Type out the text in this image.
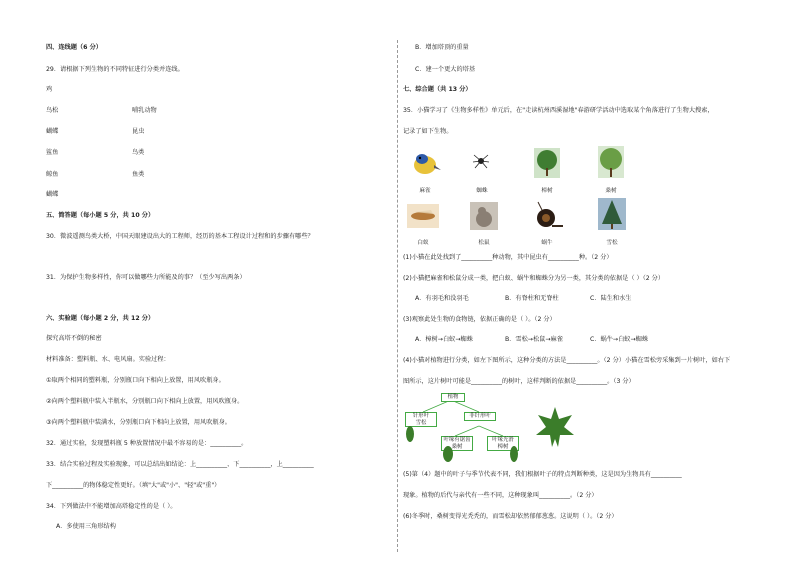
四、连线题（6 分）
29．请根据下列生物的不同特征进行分类并连线。
鸡
鸟松	哺乳动物
蝴蝶	昆虫
鲨鱼	鸟类
鲸鱼	鱼类
蝴蝶
五、简答题（每小题 5 分，共 10 分）
30．微波遥测鸟类大桥，中国天眼建设出大的工程师，经历的基本工程设计过程和的步骤有哪些？
31．为保护生物多样性，你可以做哪些力所能及的事？（至少写出两条）
六、实验题（每小题 2 分，共 12 分）
探究高塔不倒的秘密
材料准备：塑料瓶、水、电风扇。实验过程：
①取两个相同的塑料瓶，分别瓶口向下相向上放置，用风吹瓶身。
②向两个塑料瓶中装入半瓶水，分别瓶口向下相向上放置，用风吹瓶身。
③向两个塑料瓶中装满水，分别瓶口向下相向上放置，用风吹瓶身。
32．通过实验，发现塑料瓶 5 种放置情况中最不容易的是：__________。
33．结合实验过程及实验现象，可以总结出如结论：上__________、下__________，上__________
下__________的物体稳定性更好。（填"大"或"小"、"轻"或"重"）
34．下列做法中不能增加高塔稳定性的是（ ）。
A．多使用三角形结构
B．增加塔顶的重量
C．建一个更大的塔基
七、综合题（共 13 分）
35．小猫学习了《生物多样性》单元后，在"走读杭州西溪湿地"春游研学活动中选取某个角落进行了生物大搜索，
记录了如下生物。
麻雀	蜘蛛	樟树	桑树
白蚁	松鼠	蜗牛	雪松
(1)小猫在此处找到了__________种动物，其中昆虫有__________种。（2 分）
(2)小猫把麻雀和松鼠分成一类，把白蚁、蜗牛和蜘蛛分为另一类，其分类的依据是（ ）（2 分）
A．有羽毛和没羽毛	B．有脊柱和无脊柱	C．陆生和水生
(3)观察此处生物的食物链，依据正确的是（ ）。（2 分）
A．樟树→白蚁→蜘蛛	B．雪松→松鼠→麻雀	C．蜗牛→白蚁→蜘蛛
(4)小猫对植物进行分类，如左下图所示，这种分类的方法是__________。（2 分）小猫在雪松旁采集到一片树叶，如右下
图所示，这片树叶可能是__________的树叶，这样判断的依据是__________。（3 分）
植物
针形叶
雪松
非针形叶
叶缘有锯齿
桑树
叶缘光滑
樟树
(5)第（4）题中的叶子与季节代表不同，我们根据叶子的特点判断种类，这是因为生物具有__________
现象。植物的后代与亲代有一些不同，这种现象叫__________。（2 分）
(6)冬季时，桑树变得光秃秃的，而雪松却依然郁郁葱葱。这说明（ ）。（2 分）
